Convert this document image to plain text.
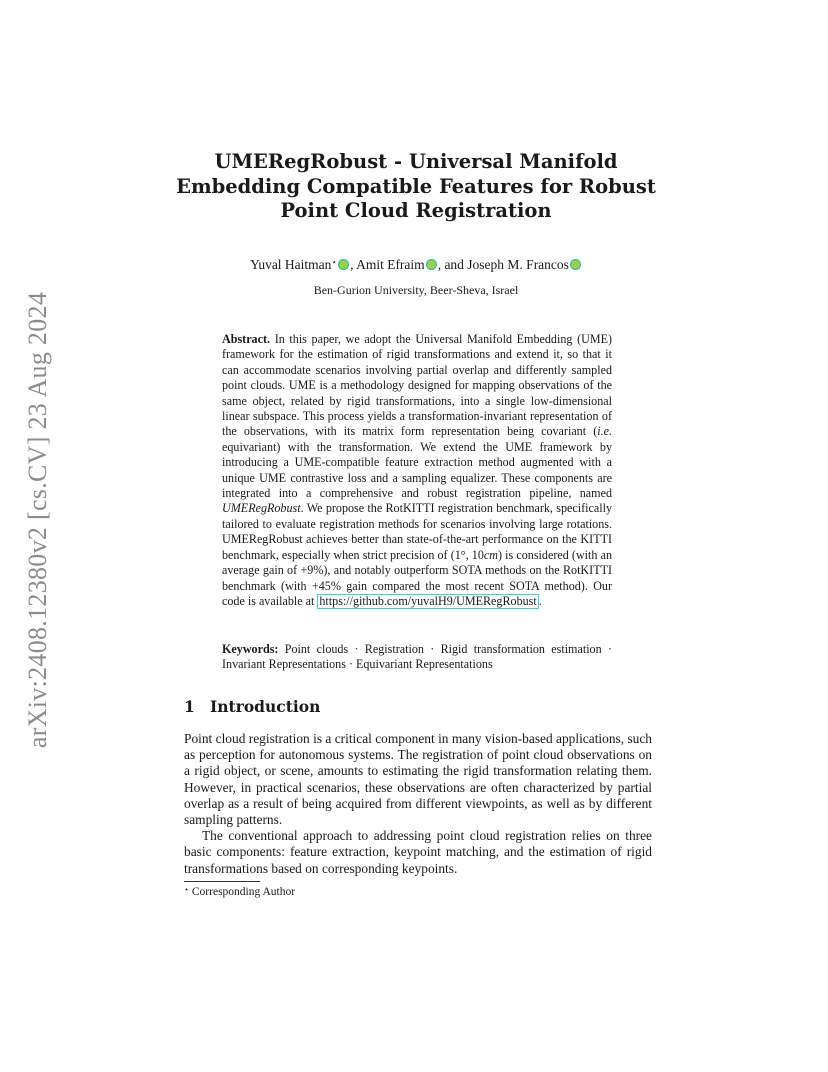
arXiv:2408.12380v2 [cs.CV] 23 Aug 2024
UMERegRobust - Universal Manifold Embedding Compatible Features for Robust Point Cloud Registration
Yuval Haitman⋆ , Amit Efraim , and Joseph M. Francos
Ben-Gurion University, Beer-Sheva, Israel
Abstract. In this paper, we adopt the Universal Manifold Embedding (UME) framework for the estimation of rigid transformations and extend it, so that it can accommodate scenarios involving partial overlap and differently sampled point clouds. UME is a methodology designed for mapping observations of the same object, related by rigid transformations, into a single low-dimensional linear subspace. This process yields a transformation-invariant representation of the observations, with its matrix form representation being covariant (i.e. equivariant) with the transformation. We extend the UME framework by introducing a UME-compatible feature extraction method augmented with a unique UME contrastive loss and a sampling equalizer. These components are integrated into a comprehensive and robust registration pipeline, named UMERegRobust. We propose the RotKITTI registration benchmark, specifically tailored to evaluate registration methods for scenarios involving large rotations. UMERegRobust achieves better than state-of-the-art performance on the KITTI benchmark, especially when strict precision of (1°, 10cm) is considered (with an average gain of +9%), and notably outperform SOTA methods on the RotKITTI benchmark (with +45% gain compared the most recent SOTA method). Our code is available at https://github.com/yuvalH9/UMERegRobust .
Keywords: Point clouds · Registration · Rigid transformation estimation · Invariant Representations · Equivariant Representations
1 Introduction

Point cloud registration is a critical component in many vision-based applications, such as perception for autonomous systems. The registration of point cloud observations on a rigid object, or scene, amounts to estimating the rigid transformation relating them. However, in practical scenarios, these observations are often characterized by partial overlap as a result of being acquired from different viewpoints, as well as by different sampling patterns.

The conventional approach to addressing point cloud registration relies on three basic components: feature extraction, keypoint matching, and the estimation of rigid transformations based on corresponding keypoints.

⋆ Corresponding Author
